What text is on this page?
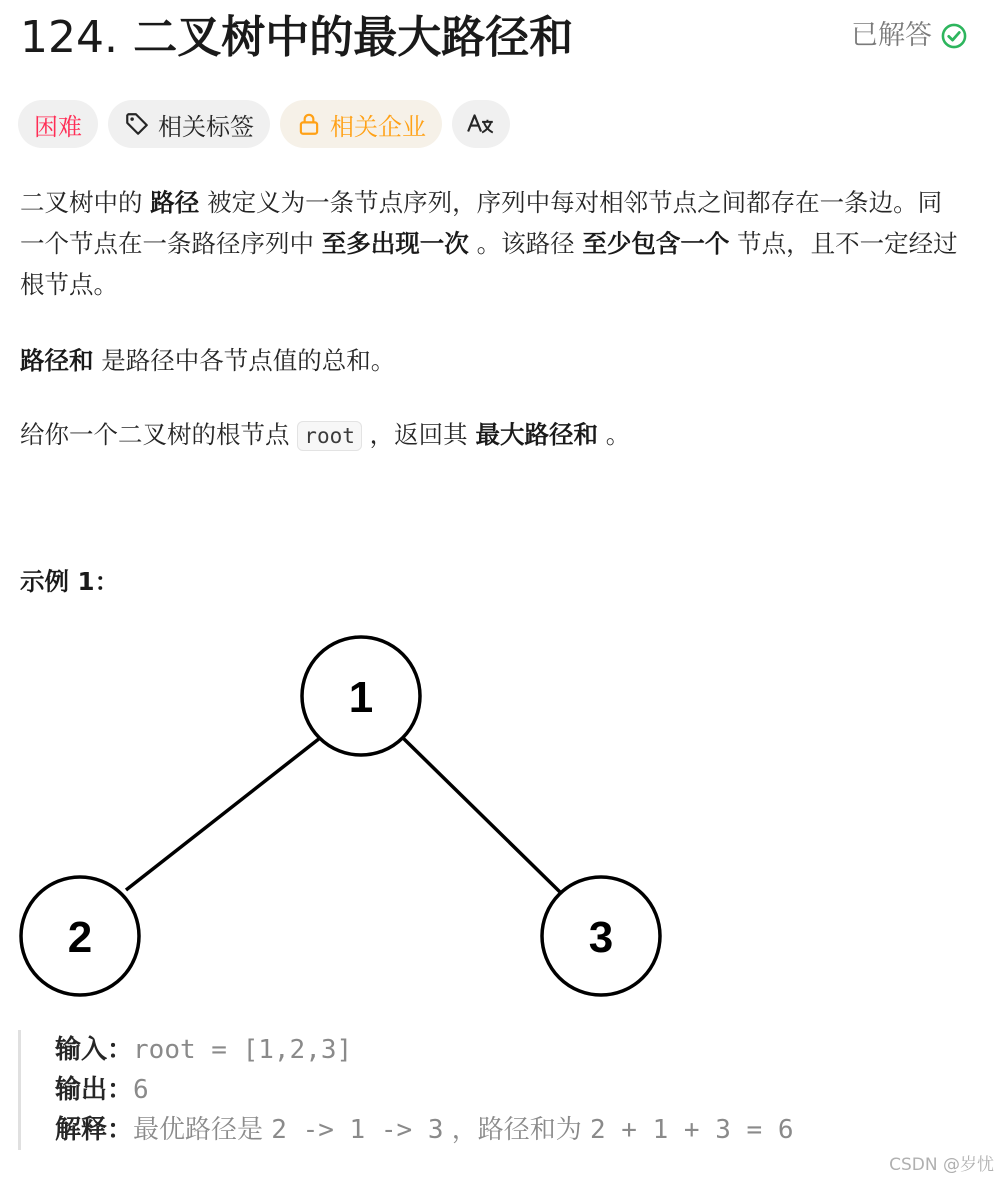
124. 二叉树中的最大路径和	已解答
困难	相关标签	相关企业

二叉树中的 路径 被定义为一条节点序列，序列中每对相邻节点之间都存在一条边。同一个节点在一条路径序列中 至多出现一次 。该路径 至少包含一个 节点，且不一定经过根节点。

路径和 是路径中各节点值的总和。

给你一个二叉树的根节点 root ，返回其 最大路径和 。

示例 1：
1
2	3

输入：root = [1,2,3]

输出：6

解释：最优路径是 2 -> 1 -> 3 ，路径和为 2 + 1 + 3 = 6

CSDN @岁忧
